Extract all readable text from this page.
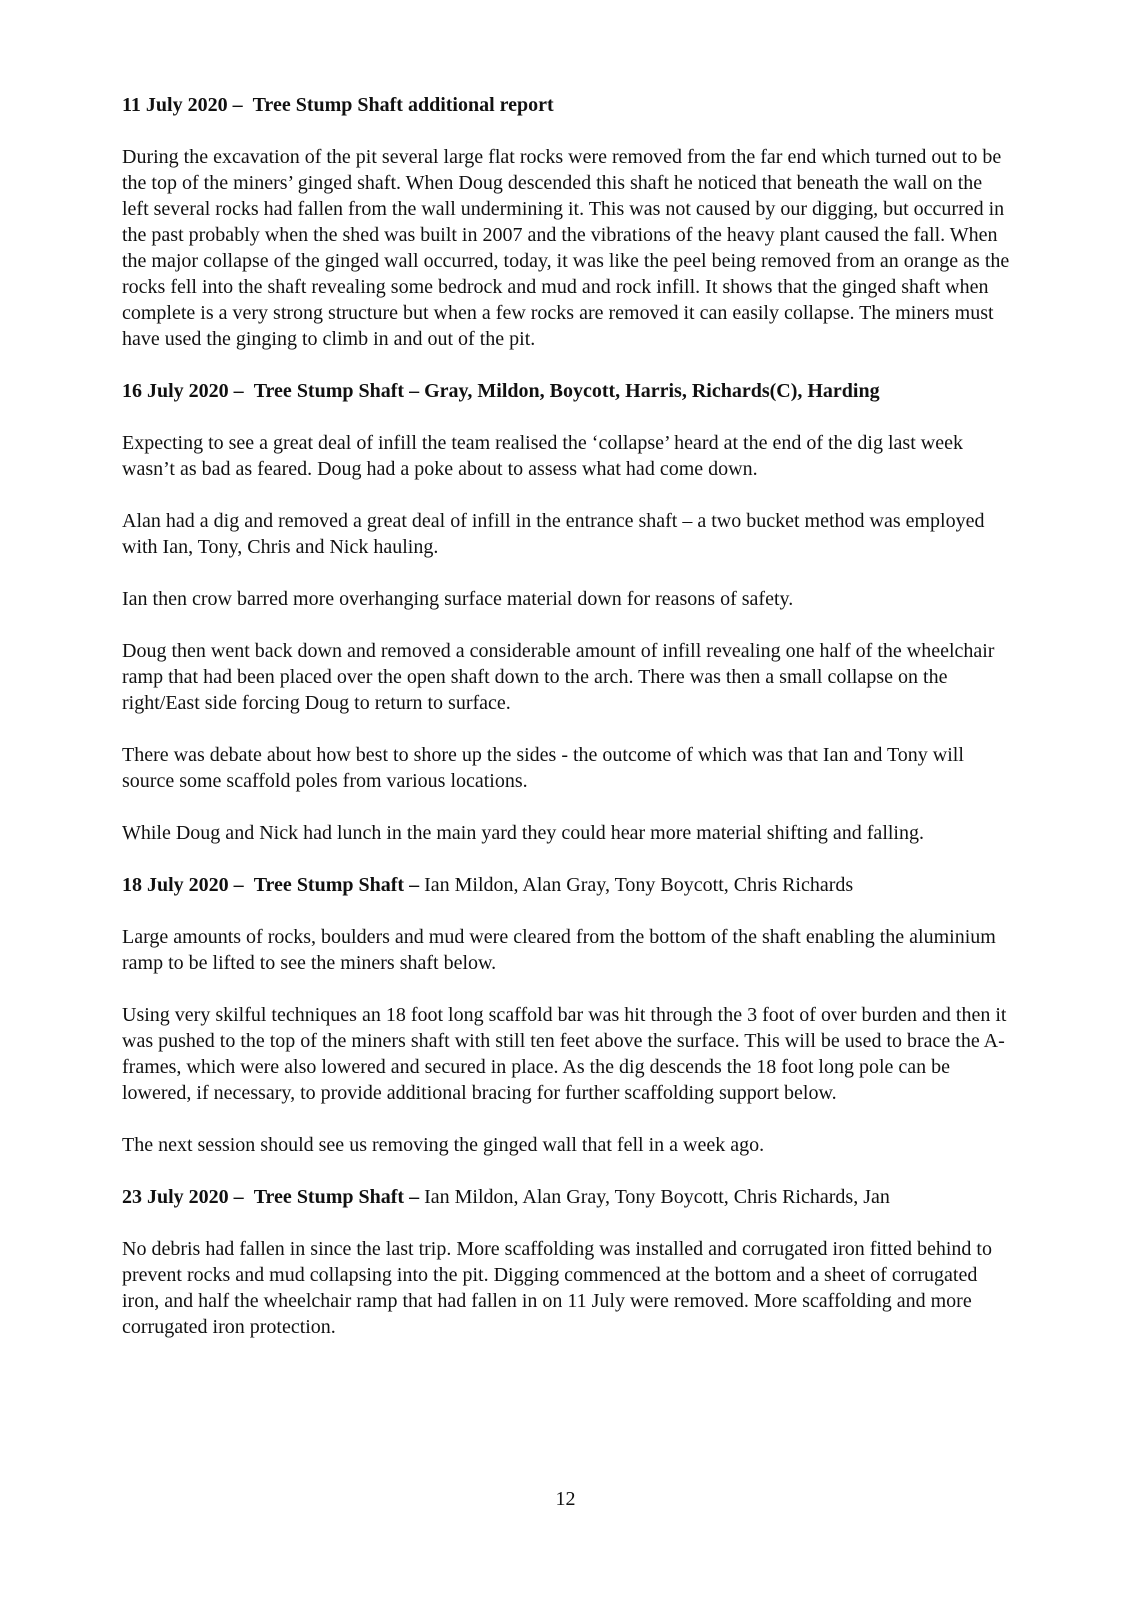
11 July 2020 – Tree Stump Shaft additional report

During the excavation of the pit several large flat rocks were removed from the far end which turned out to be the top of the miners’ ginged shaft. When Doug descended this shaft he noticed that beneath the wall on the left several rocks had fallen from the wall undermining it. This was not caused by our digging, but occurred in the past probably when the shed was built in 2007 and the vibrations of the heavy plant caused the fall. When the major collapse of the ginged wall occurred, today, it was like the peel being removed from an orange as the rocks fell into the shaft revealing some bedrock and mud and rock infill. It shows that the ginged shaft when complete is a very strong structure but when a few rocks are removed it can easily collapse. The miners must have used the ginging to climb in and out of the pit.

16 July 2020 – Tree Stump Shaft – Gray, Mildon, Boycott, Harris, Richards(C), Harding

Expecting to see a great deal of infill the team realised the ‘collapse’ heard at the end of the dig last week wasn’t as bad as feared. Doug had a poke about to assess what had come down.

Alan had a dig and removed a great deal of infill in the entrance shaft – a two bucket method was employed with Ian, Tony, Chris and Nick hauling.

Ian then crow barred more overhanging surface material down for reasons of safety.

Doug then went back down and removed a considerable amount of infill revealing one half of the wheelchair ramp that had been placed over the open shaft down to the arch. There was then a small collapse on the right/East side forcing Doug to return to surface.

There was debate about how best to shore up the sides - the outcome of which was that Ian and Tony will source some scaffold poles from various locations.

While Doug and Nick had lunch in the main yard they could hear more material shifting and falling.

18 July 2020 – Tree Stump Shaft – Ian Mildon, Alan Gray, Tony Boycott, Chris Richards

Large amounts of rocks, boulders and mud were cleared from the bottom of the shaft enabling the aluminium ramp to be lifted to see the miners shaft below.

Using very skilful techniques an 18 foot long scaffold bar was hit through the 3 foot of over burden and then it was pushed to the top of the miners shaft with still ten feet above the surface. This will be used to brace the A- frames, which were also lowered and secured in place. As the dig descends the 18 foot long pole can be lowered, if necessary, to provide additional bracing for further scaffolding support below.

The next session should see us removing the ginged wall that fell in a week ago.

23 July 2020 – Tree Stump Shaft – Ian Mildon, Alan Gray, Tony Boycott, Chris Richards, Jan

No debris had fallen in since the last trip. More scaffolding was installed and corrugated iron fitted behind to prevent rocks and mud collapsing into the pit. Digging commenced at the bottom and a sheet of corrugated iron, and half the wheelchair ramp that had fallen in on 11 July were removed. More scaffolding and more corrugated iron protection.

12
